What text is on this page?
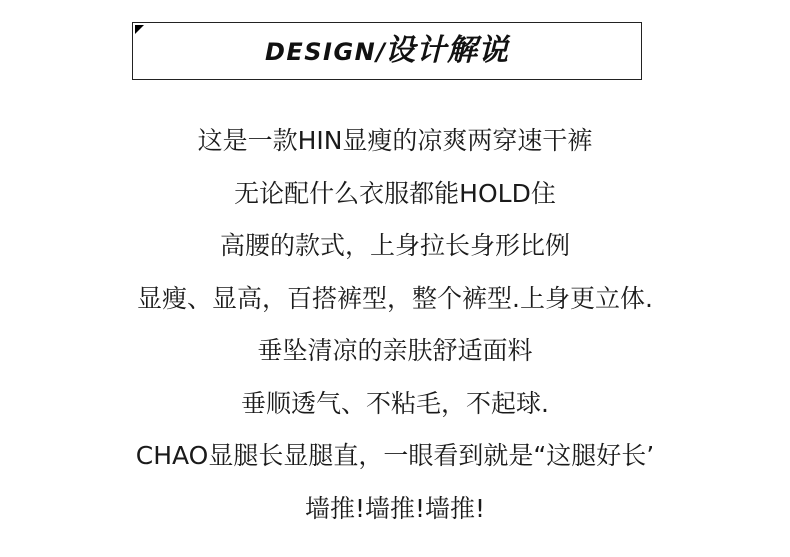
DESIGN/设计解说
这是一款HIN显瘦的凉爽两穿速干裤
无论配什么衣服都能HOLD住
高腰的款式，上身拉长身形比例
显瘦、显高，百搭裤型，整个裤型.上身更立体.
垂坠清凉的亲肤舒适面料
垂顺透气、不粘毛，不起球.
CHAO显腿长显腿直，一眼看到就是“这腿好长’
墙推!墙推!墙推!
